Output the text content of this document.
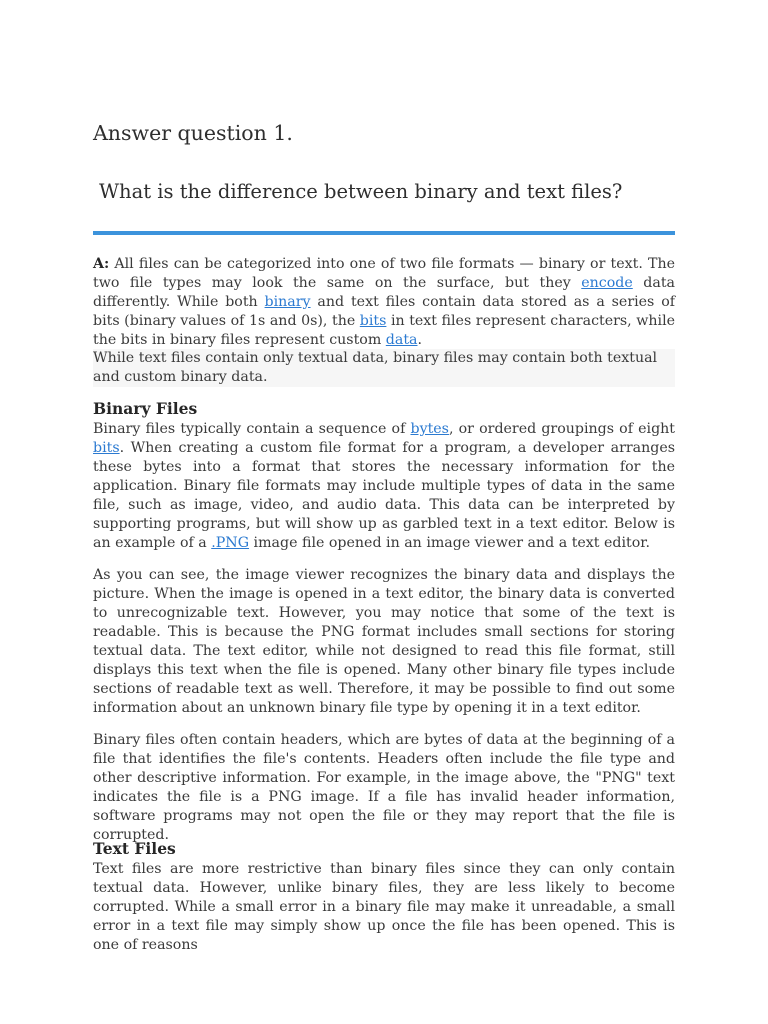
Answer question 1.
What is the difference between binary and text files?

A: All files can be categorized into one of two file formats — binary or text. The two file types may look the same on the surface, but they encode data differently. While both binary and text files contain data stored as a series of bits (binary values of 1s and 0s), the bits in text files represent characters, while the bits in binary files represent custom data.

While text files contain only textual data, binary files may contain both textual and custom binary data.

Binary Files

Binary files typically contain a sequence of bytes, or ordered groupings of eight bits. When creating a custom file format for a program, a developer arranges these bytes into a format that stores the necessary information for the application. Binary file formats may include multiple types of data in the same file, such as image, video, and audio data. This data can be interpreted by supporting programs, but will show up as garbled text in a text editor. Below is an example of a .PNG image file opened in an image viewer and a text editor.

As you can see, the image viewer recognizes the binary data and displays the picture. When the image is opened in a text editor, the binary data is converted to unrecognizable text. However, you may notice that some of the text is readable. This is because the PNG format includes small sections for storing textual data. The text editor, while not designed to read this file format, still displays this text when the file is opened. Many other binary file types include sections of readable text as well. Therefore, it may be possible to find out some information about an unknown binary file type by opening it in a text editor.

Binary files often contain headers, which are bytes of data at the beginning of a file that identifies the file's contents. Headers often include the file type and other descriptive information. For example, in the image above, the "PNG" text indicates the file is a PNG image. If a file has invalid header information, software programs may not open the file or they may report that the file is corrupted.

Text Files

Text files are more restrictive than binary files since they can only contain textual data. However, unlike binary files, they are less likely to become corrupted. While a small error in a binary file may make it unreadable, a small error in a text file may simply show up once the file has been opened. This is one of reasons
